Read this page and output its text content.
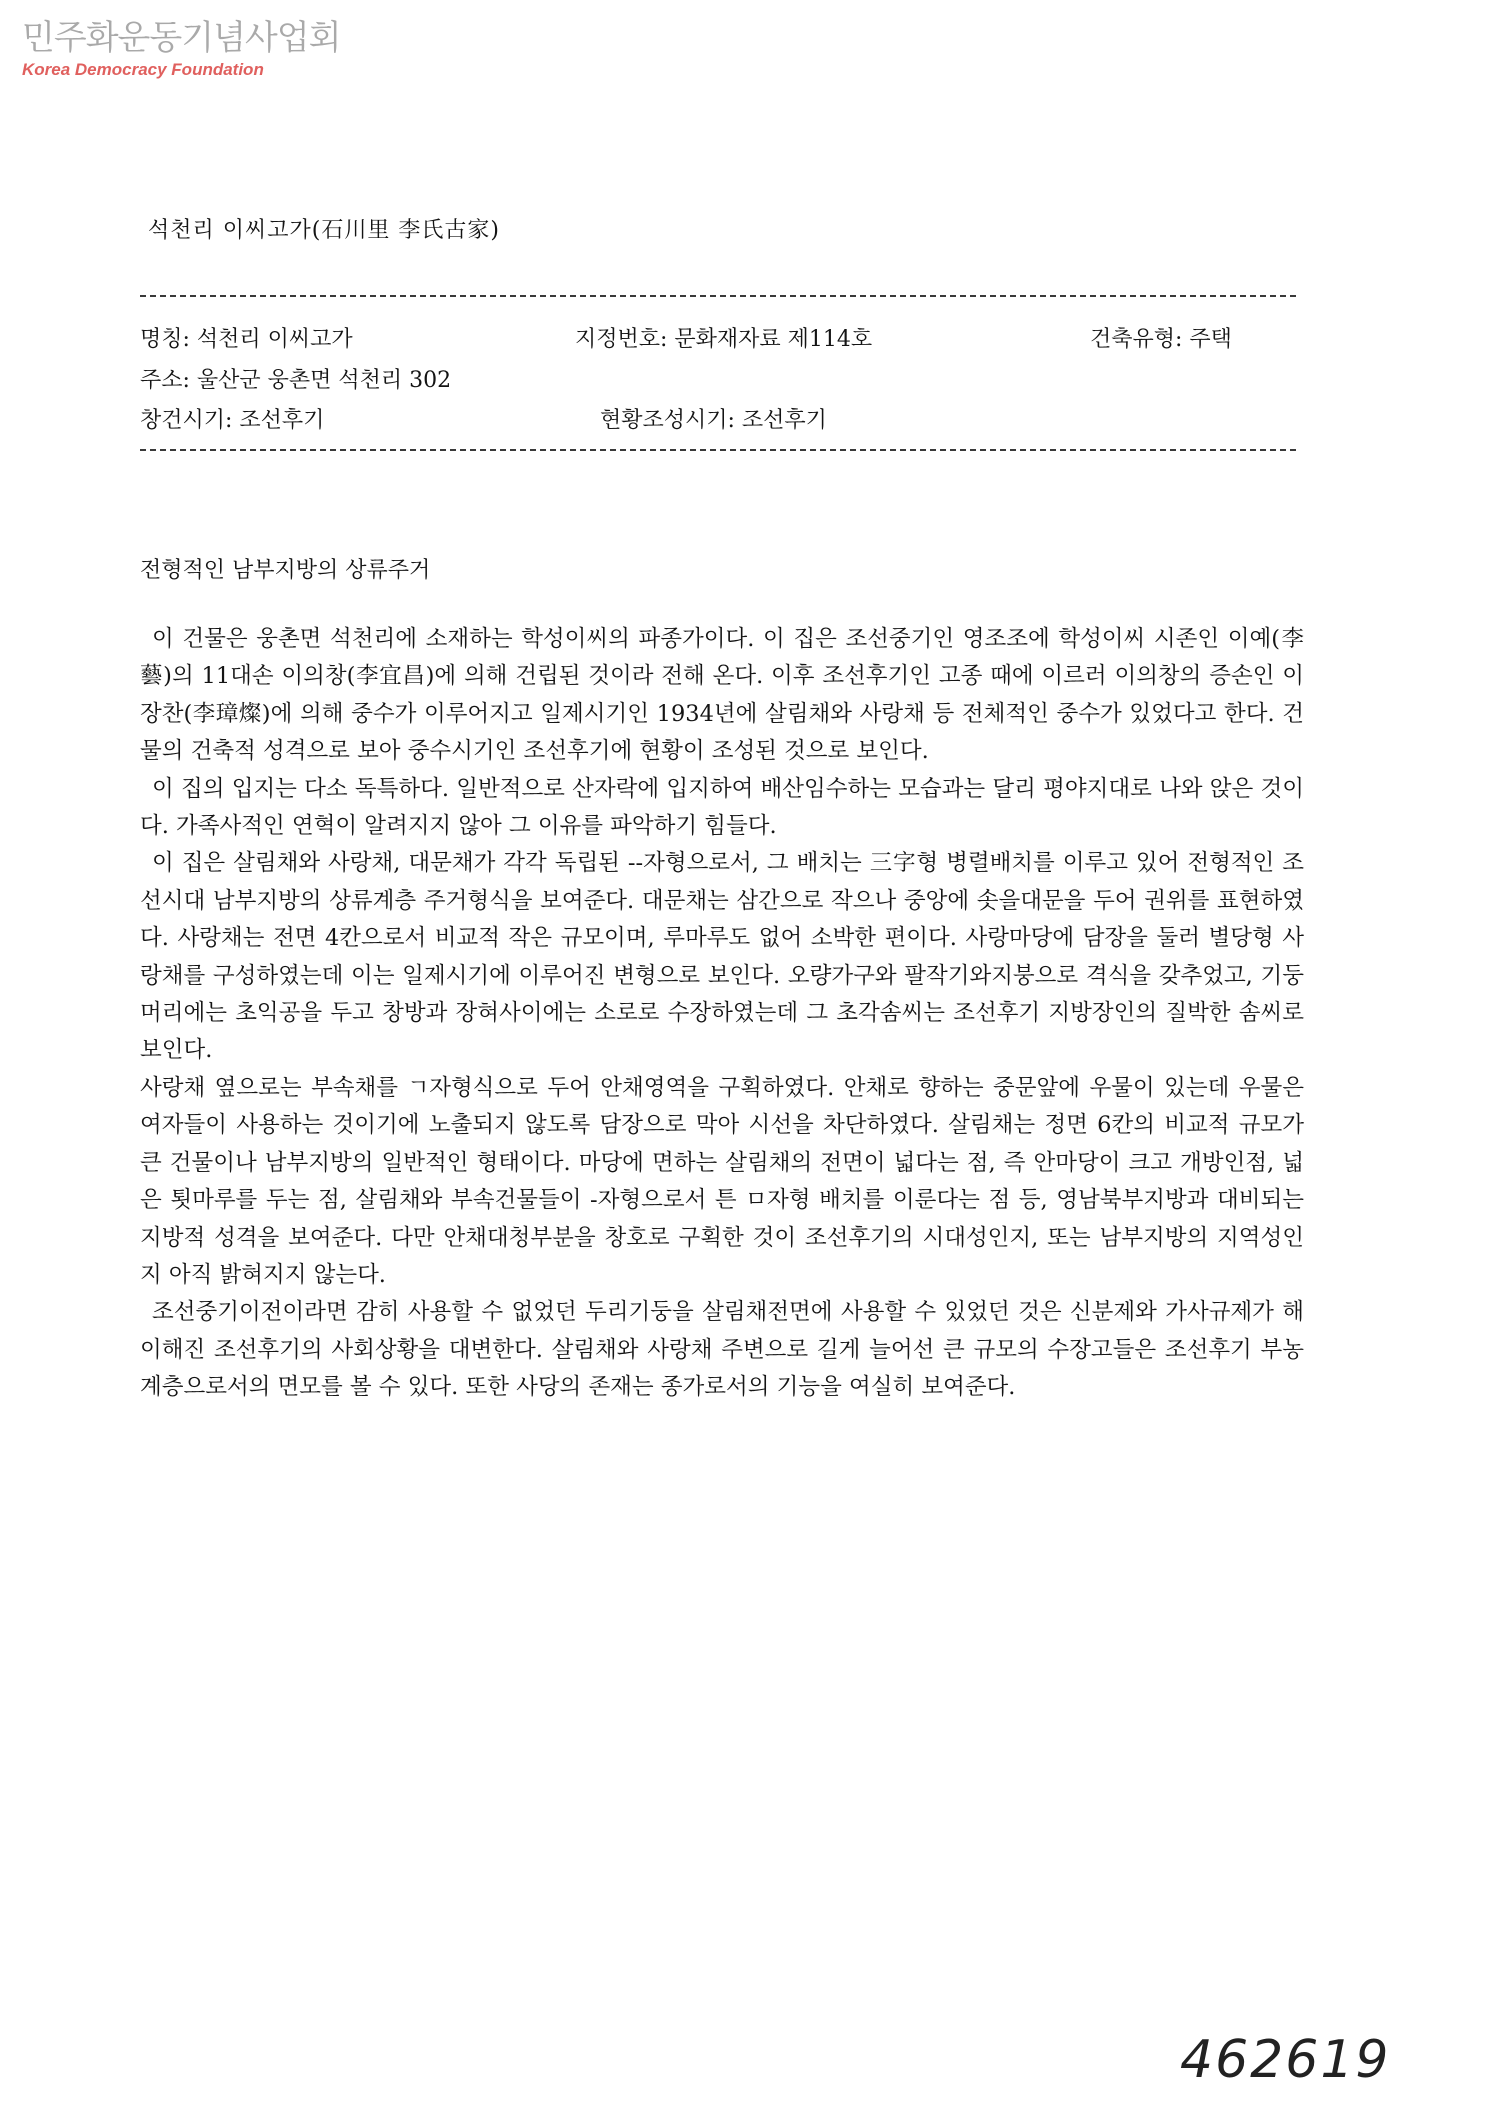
민주화운동기념사업회
Korea Democracy Foundation
석천리 이씨고가(石川里 李氏古家)
명칭: 석천리 이씨고가	지정번호: 문화재자료 제114호	건축유형: 주택
주소: 울산군 웅촌면 석천리 302
창건시기: 조선후기	현황조성시기: 조선후기
전형적인 남부지방의 상류주거

이 건물은 웅촌면 석천리에 소재하는 학성이씨의 파종가이다. 이 집은 조선중기인 영조조에 학성이씨 시존인 이예(李藝)의 11대손 이의창(李宜昌)에 의해 건립된 것이라 전해 온다. 이후 조선후기인 고종 때에 이르러 이의창의 증손인 이장찬(李璋燦)에 의해 중수가 이루어지고 일제시기인 1934년에 살림채와 사랑채 등 전체적인 중수가 있었다고 한다. 건물의 건축적 성격으로 보아 중수시기인 조선후기에 현황이 조성된 것으로 보인다.

이 집의 입지는 다소 독특하다. 일반적으로 산자락에 입지하여 배산임수하는 모습과는 달리 평야지대로 나와 앉은 것이다. 가족사적인 연혁이 알려지지 않아 그 이유를 파악하기 힘들다.

이 집은 살림채와 사랑채, 대문채가 각각 독립된 --자형으로서, 그 배치는 三字형 병렬배치를 이루고 있어 전형적인 조선시대 남부지방의 상류계층 주거형식을 보여준다. 대문채는 삼간으로 작으나 중앙에 솟을대문을 두어 권위를 표현하였다. 사랑채는 전면 4칸으로서 비교적 작은 규모이며, 루마루도 없어 소박한 편이다. 사랑마당에 담장을 둘러 별당형 사랑채를 구성하였는데 이는 일제시기에 이루어진 변형으로 보인다. 오량가구와 팔작기와지붕으로 격식을 갖추었고, 기둥머리에는 초익공을 두고 창방과 장혀사이에는 소로로 수장하였는데 그 초각솜씨는 조선후기 지방장인의 질박한 솜씨로 보인다.

사랑채 옆으로는 부속채를 ㄱ자형식으로 두어 안채영역을 구획하였다. 안채로 향하는 중문앞에 우물이 있는데 우물은 여자들이 사용하는 것이기에 노출되지 않도록 담장으로 막아 시선을 차단하였다. 살림채는 정면 6칸의 비교적 규모가 큰 건물이나 남부지방의 일반적인 형태이다. 마당에 면하는 살림채의 전면이 넓다는 점, 즉 안마당이 크고 개방인점, 넓은 툇마루를 두는 점, 살림채와 부속건물들이 -자형으로서 튼 ㅁ자형 배치를 이룬다는 점 등, 영남북부지방과 대비되는 지방적 성격을 보여준다. 다만 안채대청부분을 창호로 구획한 것이 조선후기의 시대성인지, 또는 남부지방의 지역성인지 아직 밝혀지지 않는다.

조선중기이전이라면 감히 사용할 수 없었던 두리기둥을 살림채전면에 사용할 수 있었던 것은 신분제와 가사규제가 해이해진 조선후기의 사회상황을 대변한다. 살림채와 사랑채 주변으로 길게 늘어선 큰 규모의 수장고들은 조선후기 부농계층으로서의 면모를 볼 수 있다. 또한 사당의 존재는 종가로서의 기능을 여실히 보여준다.

462619
